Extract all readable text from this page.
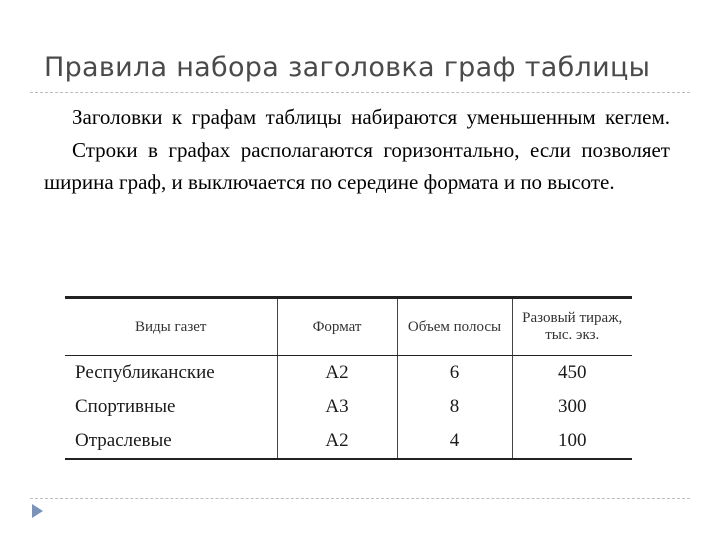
Правила набора заголовка граф таблицы

Заголовки к графам таблицы набираются уменьшенным кеглем.

Строки в графах располагаются горизонтально, если позволяет ширина граф, и выключается по середине формата и по высоте.

Виды газет	Формат	Объем полосы	Разовый тираж, тыс. экз.
Республиканские	А2	6	450
Спортивные	А3	8	300
Отраслевые	А2	4	100
